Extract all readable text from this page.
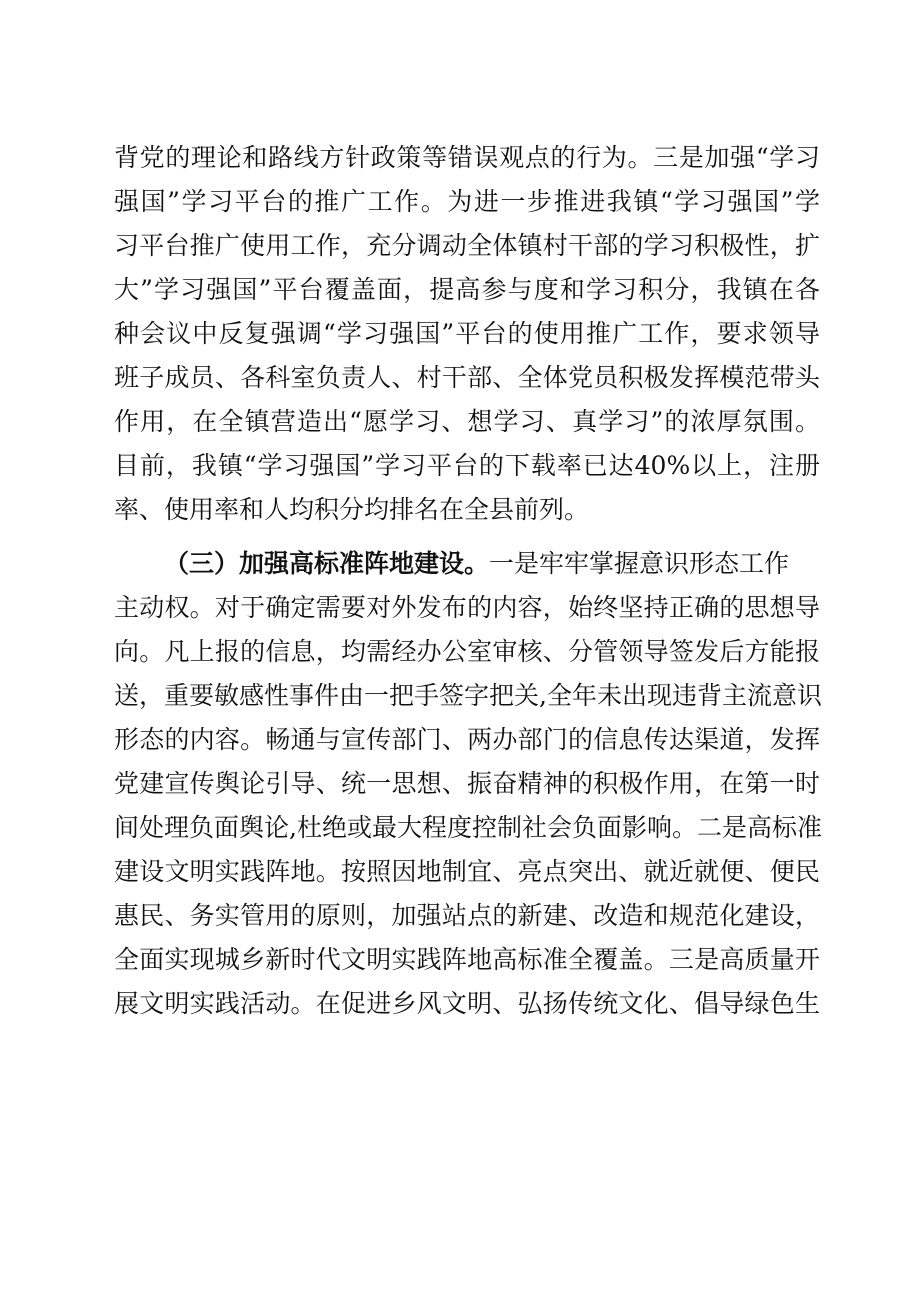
背党的理论和路线方针政策等错误观点的行为。三是加强“学习
强国”学习平台的推广工作。为进一步推进我镇“学习强国”学
习平台推广使用工作，充分调动全体镇村干部的学习积极性，扩
大”学习强国”平台覆盖面，提高参与度和学习积分，我镇在各
种会议中反复强调“学习强国”平台的使用推广工作，要求领导
班子成员、各科室负责人、村干部、全体党员积极发挥模范带头
作用，在全镇营造出“愿学习、想学习、真学习”的浓厚氛围。
目前，我镇“学习强国”学习平台的下载率已达40%以上，注册
率、使用率和人均积分均排名在全县前列。
（三）加强高标准阵地建设。一是牢牢掌握意识形态工作
主动权。对于确定需要对外发布的内容，始终坚持正确的思想导
向。凡上报的信息，均需经办公室审核、分管领导签发后方能报
送，重要敏感性事件由一把手签字把关,全年未出现违背主流意识
形态的内容。畅通与宣传部门、两办部门的信息传达渠道，发挥
党建宣传舆论引导、统一思想、振奋精神的积极作用，在第一时
间处理负面舆论,杜绝或最大程度控制社会负面影响。二是高标准
建设文明实践阵地。按照因地制宜、亮点突出、就近就便、便民
惠民、务实管用的原则，加强站点的新建、改造和规范化建设，
全面实现城乡新时代文明实践阵地高标准全覆盖。三是高质量开
展文明实践活动。在促进乡风文明、弘扬传统文化、倡导绿色生
